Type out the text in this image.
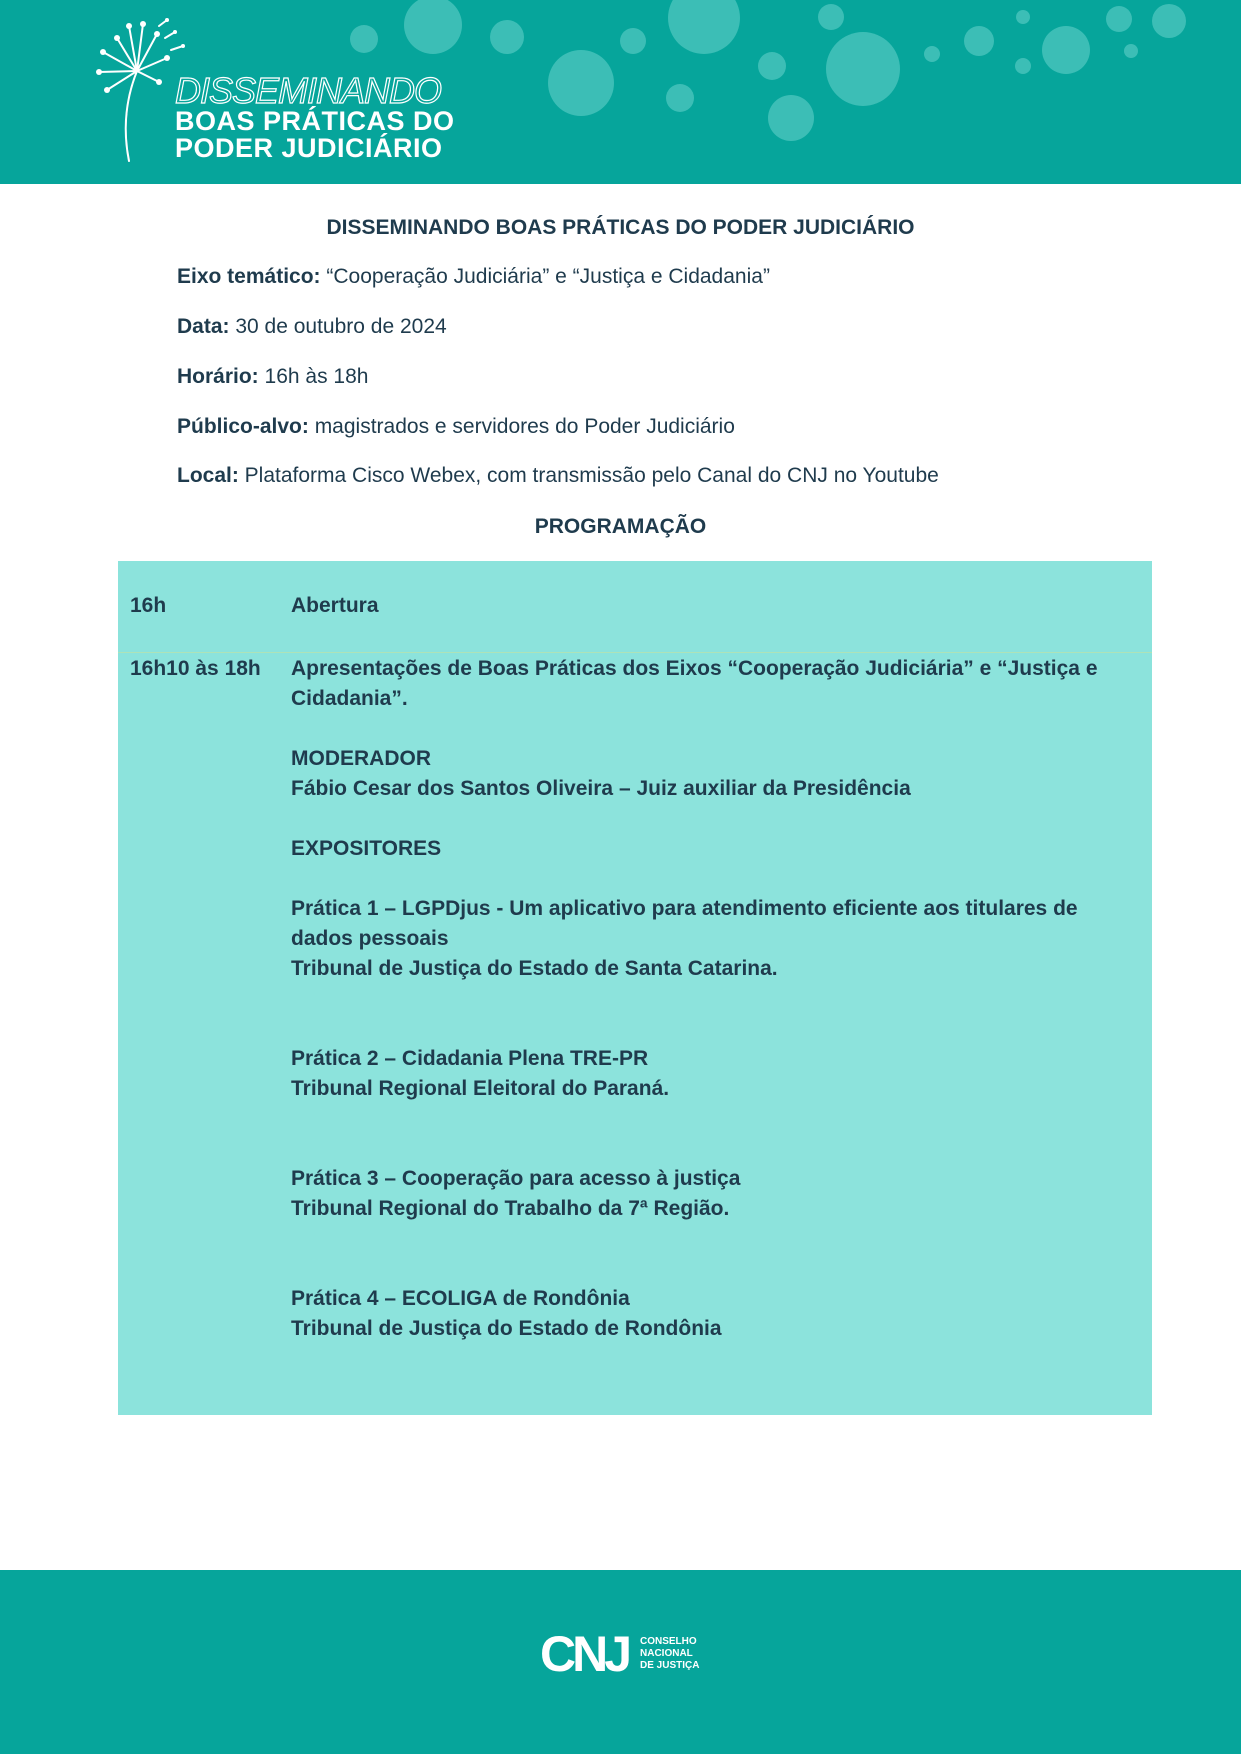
DISSEMINANDO
BOAS PRÁTICAS DO
PODER JUDICIÁRIO
DISSEMINANDO BOAS PRÁTICAS DO PODER JUDICIÁRIO
Eixo temático: “Cooperação Judiciária” e “Justiça e Cidadania”
Data: 30 de outubro de 2024
Horário: 16h às 18h
Público-alvo: magistrados e servidores do Poder Judiciário
Local: Plataforma Cisco Webex, com transmissão pelo Canal do CNJ no Youtube
PROGRAMAÇÃO
16h	Abertura
16h10 às 18h Apresentações de Boas Práticas dos Eixos “Cooperação Judiciária” e “Justiça e
Cidadania”.
MODERADOR
Fábio Cesar dos Santos Oliveira – Juiz auxiliar da Presidência
EXPOSITORES
Prática 1 – LGPDjus - Um aplicativo para atendimento eficiente aos titulares de
dados pessoais
Tribunal de Justiça do Estado de Santa Catarina.
Prática 2 – Cidadania Plena TRE-PR
Tribunal Regional Eleitoral do Paraná.
Prática 3 – Cooperação para acesso à justiça
Tribunal Regional do Trabalho da 7ª Região.
Prática 4 – ECOLIGA de Rondônia
Tribunal de Justiça do Estado de Rondônia
CNJ CONSELHO
NACIONAL
DE JUSTIÇA
